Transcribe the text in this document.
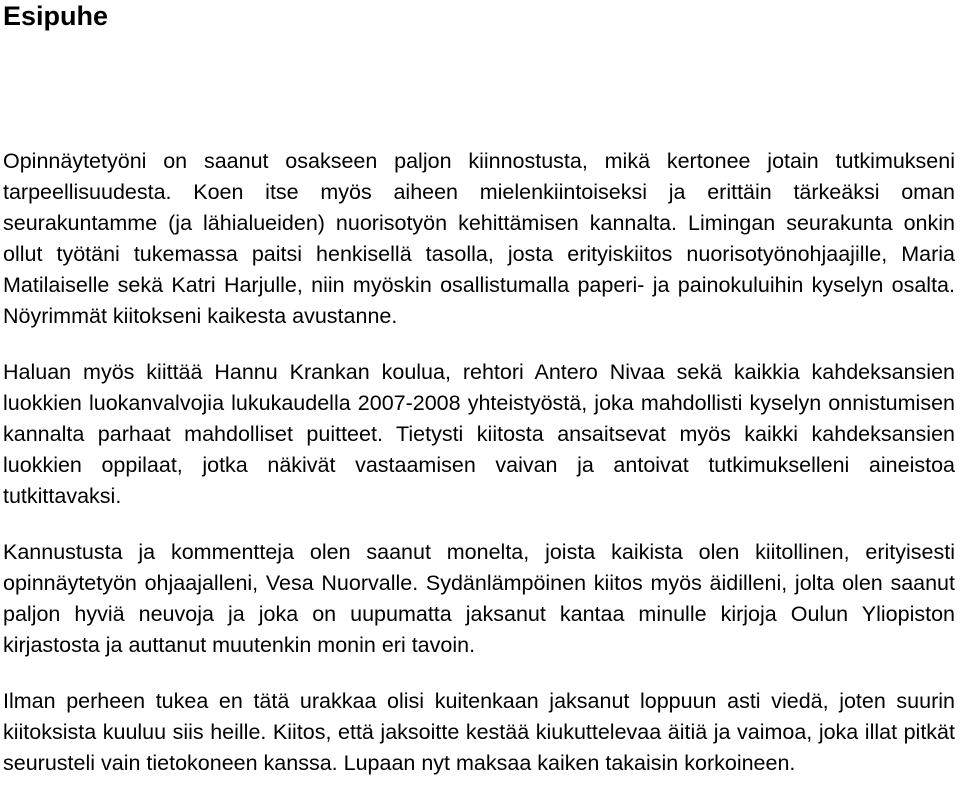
Esipuhe

Opinnäytetyöni on saanut osakseen paljon kiinnostusta, mikä kertonee jotain tutkimukseni tarpeellisuudesta. Koen itse myös aiheen mielenkiintoiseksi ja erittäin tärkeäksi oman seurakuntamme (ja lähialueiden) nuorisotyön kehittämisen kannalta. Limingan seurakunta onkin ollut työtäni tukemassa paitsi henkisellä tasolla, josta erityiskiitos nuorisotyönohjaajille, Maria Matilaiselle sekä Katri Harjulle, niin myöskin osallistumalla paperi- ja painokuluihin kyselyn osalta. Nöyrimmät kiitokseni kaikesta avustanne.

Haluan myös kiittää Hannu Krankan koulua, rehtori Antero Nivaa sekä kaikkia kahdeksansien luokkien luokanvalvojia lukukaudella 2007-2008 yhteistyöstä, joka mahdollisti kyselyn onnistumisen kannalta parhaat mahdolliset puitteet. Tietysti kiitosta ansaitsevat myös kaikki kahdeksansien luokkien oppilaat, jotka näkivät vastaamisen vaivan ja antoivat tutkimukselleni aineistoa tutkittavaksi.

Kannustusta ja kommentteja olen saanut monelta, joista kaikista olen kiitollinen, erityisesti opinnäytetyön ohjaajalleni, Vesa Nuorvalle. Sydänlämpöinen kiitos myös äidilleni, jolta olen saanut paljon hyviä neuvoja ja joka on uupumatta jaksanut kantaa minulle kirjoja Oulun Yliopiston kirjastosta ja auttanut muutenkin monin eri tavoin.

Ilman perheen tukea en tätä urakkaa olisi kuitenkaan jaksanut loppuun asti viedä, joten suurin kiitoksista kuuluu siis heille. Kiitos, että jaksoitte kestää kiukuttelevaa äitiä ja vaimoa, joka illat pitkät seurusteli vain tietokoneen kanssa. Lupaan nyt maksaa kaiken takaisin korkoineen.
